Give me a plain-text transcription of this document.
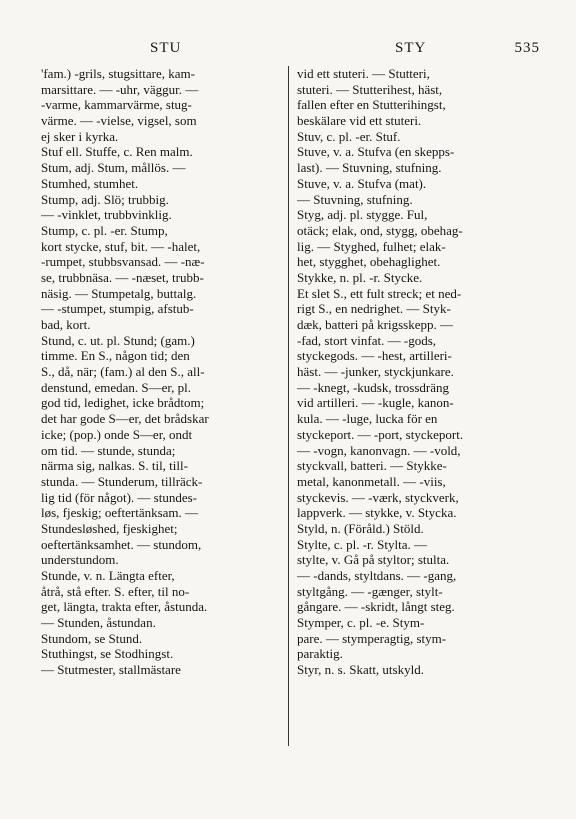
STU	STY	535
'fam.) -grils, stugsittare, kam-
marsittare. — -uhr, väggur. —
-varme, kammarvärme, stug-
värme. — -vielse, vigsel, som
ej sker i kyrka.
Stuf ell. Stuffe, c. Ren malm.
Stum, adj. Stum, mållös. —
Stumhed, stumhet.
Stump, adj. Slö; trubbig.
— -vinklet, trubbvinklig.
Stump, c. pl. -er. Stump,
kort stycke, stuf, bit. — -halet,
-rumpet, stubbsvansad. — -næ-
se, trubbnäsa. — -næset, trubb-
näsig. — Stumpetalg, buttalg.
— -stumpet, stumpig, afstub-
bad, kort.
Stund, c. ut. pl. Stund; (gam.)
timme. En S., någon tid; den
S., då, när; (fam.) al den S., all-
denstund, emedan. S—er, pl.
god tid, ledighet, icke brådtom;
det har gode S—er, det brådskar
icke; (pop.) onde S—er, ondt
om tid. — stunde, stunda;
närma sig, nalkas. S. til, till-
stunda. — Stunderum, tillräck-
lig tid (för något). — stundes-
løs, fjeskig; oeftertänksam. —
Stundesløshed, fjeskighet;
oeftertänksamhet. — stundom,
understundom.
Stunde, v. n. Längta efter,
åtrå, stå efter. S. efter, til no-
get, längta, trakta efter, åstunda.
— Stunden, åstundan.
Stundom, se Stund.
Stuthingst, se Stodhingst.
— Stutmester, stallmästare
vid ett stuteri. — Stutteri,
stuteri. — Stutterihest, häst,
fallen efter en Stutterihingst,
beskälare vid ett stuteri.
Stuv, c. pl. -er. Stuf.
Stuve, v. a. Stufva (en skepps-
last). — Stuvning, stufning.
Stuve, v. a. Stufva (mat).
— Stuvning, stufning.
Styg, adj. pl. stygge. Ful,
otäck; elak, ond, stygg, obehag-
lig. — Styghed, fulhet; elak-
het, stygghet, obehaglighet.
Stykke, n. pl. -r. Stycke.
Et slet S., ett fult streck; et ned-
rigt S., en nedrighet. — Styk-
dæk, batteri på krigsskepp. —
-fad, stort vinfat. — -gods,
styckegods. — -hest, artilleri-
häst. — -junker, styckjunkare.
— -knegt, -kudsk, trossdräng
vid artilleri. — -kugle, kanon-
kula. — -luge, lucka för en
styckeport. — -port, styckeport.
— -vogn, kanonvagn. — -vold,
styckvall, batteri. — Stykke-
metal, kanonmetall. — -viis,
styckevis. — -værk, styckverk,
lappverk. — stykke, v. Stycka.
Styld, n. (Föråld.) Stöld.
Stylte, c. pl. -r. Stylta. —
stylte, v. Gå på styltor; stulta.
— -dands, styltdans. — -gang,
styltgång. — -gænger, stylt-
gångare. — -skridt, långt steg.
Stymper, c. pl. -e. Stym-
pare. — stymperagtig, stym-
paraktig.
Styr, n. s. Skatt, utskyld.
